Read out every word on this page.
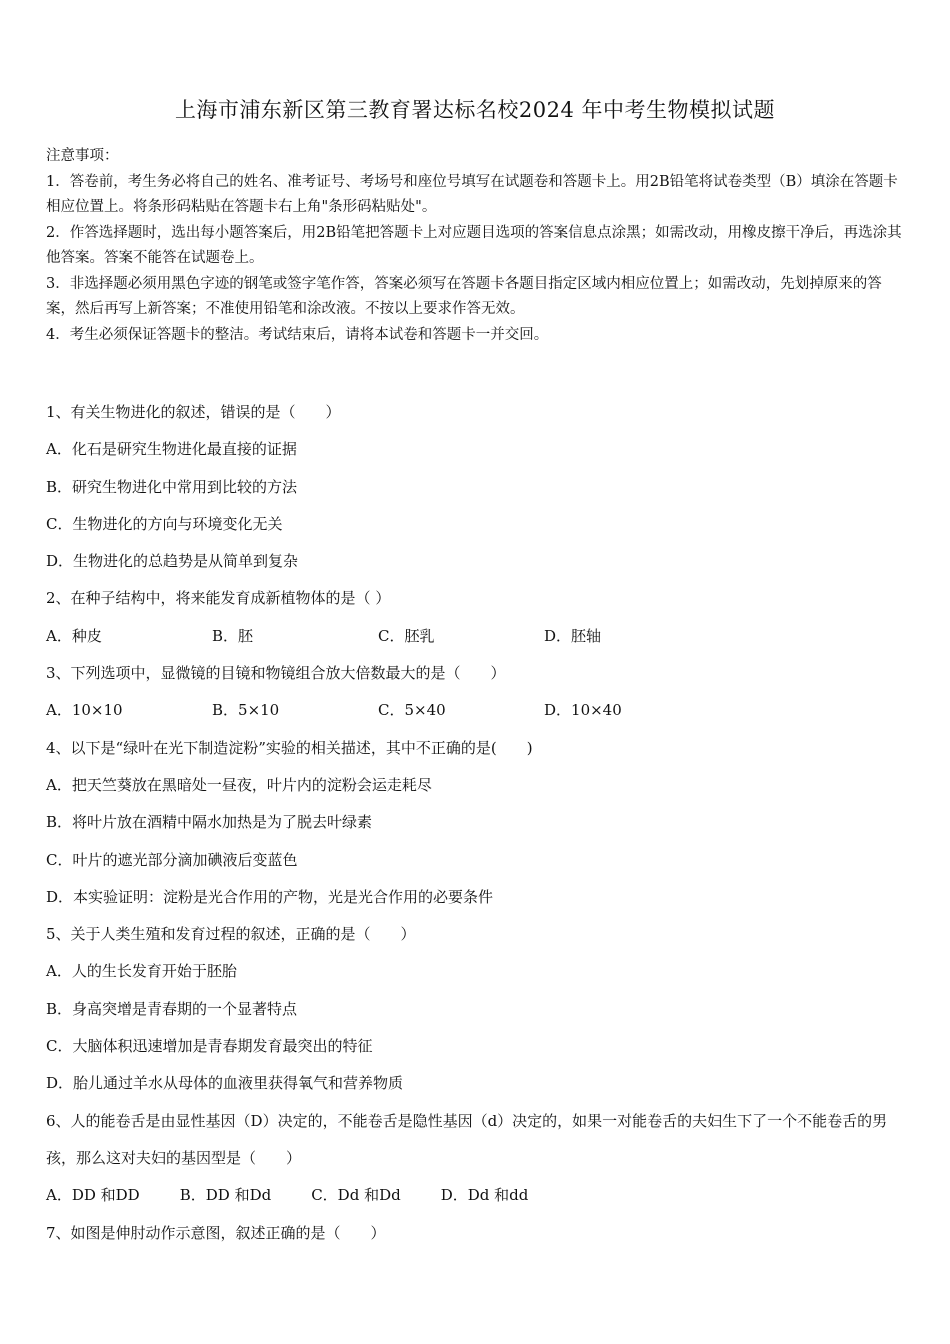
上海市浦东新区第三教育署达标名校2024 年中考生物模拟试题

注意事项：

1．答卷前，考生务必将自己的姓名、准考证号、考场号和座位号填写在试题卷和答题卡上。用2B铅笔将试卷类型（B）填涂在答题卡相应位置上。将条形码粘贴在答题卡右上角"条形码粘贴处"。

2．作答选择题时，选出每小题答案后，用2B铅笔把答题卡上对应题目选项的答案信息点涂黑；如需改动，用橡皮擦干净后，再选涂其他答案。答案不能答在试题卷上。

3．非选择题必须用黑色字迹的钢笔或签字笔作答，答案必须写在答题卡各题目指定区域内相应位置上；如需改动，先划掉原来的答案，然后再写上新答案；不准使用铅笔和涂改液。不按以上要求作答无效。

4．考生必须保证答题卡的整洁。考试结束后，请将本试卷和答题卡一并交回。

1、有关生物进化的叙述，错误的是（　　）

A．化石是研究生物进化最直接的证据

B．研究生物进化中常用到比较的方法

C．生物进化的方向与环境变化无关

D．生物进化的总趋势是从简单到复杂

2、在种子结构中，将来能发育成新植物体的是（ ）

A．种皮	B．胚	C．胚乳	D．胚轴

3、下列选项中，显微镜的目镜和物镜组合放大倍数最大的是（　　）

A．10×10	B．5×10	C．5×40	D．10×40

4、以下是“绿叶在光下制造淀粉”实验的相关描述，其中不正确的是(　　)

A．把天竺葵放在黑暗处一昼夜，叶片内的淀粉会运走耗尽

B．将叶片放在酒精中隔水加热是为了脱去叶绿素

C．叶片的遮光部分滴加碘液后变蓝色

D．本实验证明：淀粉是光合作用的产物，光是光合作用的必要条件

5、关于人类生殖和发育过程的叙述，正确的是（　　）

A．人的生长发育开始于胚胎

B．身高突增是青春期的一个显著特点

C．大脑体积迅速增加是青春期发育最突出的特征

D．胎儿通过羊水从母体的血液里获得氧气和营养物质

6、人的能卷舌是由显性基因（D）决定的，不能卷舌是隐性基因（d）决定的，如果一对能卷舌的夫妇生下了一个不能卷舌的男孩，那么这对夫妇的基因型是（　　）

A．DD 和DD	B．DD 和Dd	C．Dd 和Dd	D．Dd 和dd

7、如图是伸肘动作示意图，叙述正确的是（　　）
